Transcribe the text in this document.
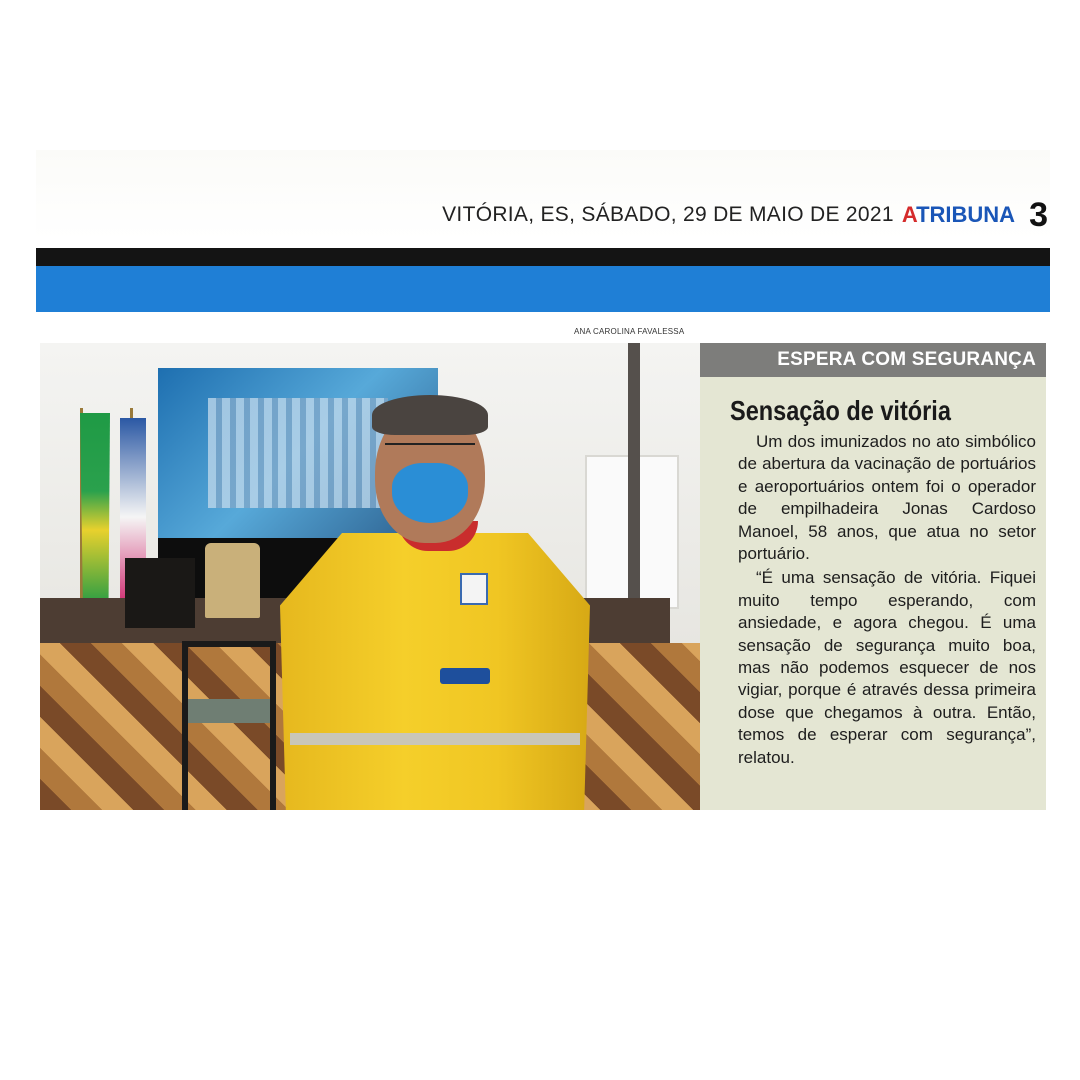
VITÓRIA, ES, SÁBADO, 29 DE MAIO DE 2021 ATRIBUNA 3
ANA CAROLINA FAVALESSA
ESPERA COM SEGURANÇA
Sensação de vitória

Um dos imunizados no ato simbólico de abertura da vacinação de portuários e aeroportuários ontem foi o operador de empilhadeira Jonas Cardoso Manoel, 58 anos, que atua no setor portuário.

“É uma sensação de vitória. Fiquei muito tempo esperando, com ansiedade, e agora chegou. É uma sensação de segurança muito boa, mas não podemos esquecer de nos vigiar, porque é através dessa primeira dose que chegamos à outra. Então, temos de esperar com segurança”, relatou.
